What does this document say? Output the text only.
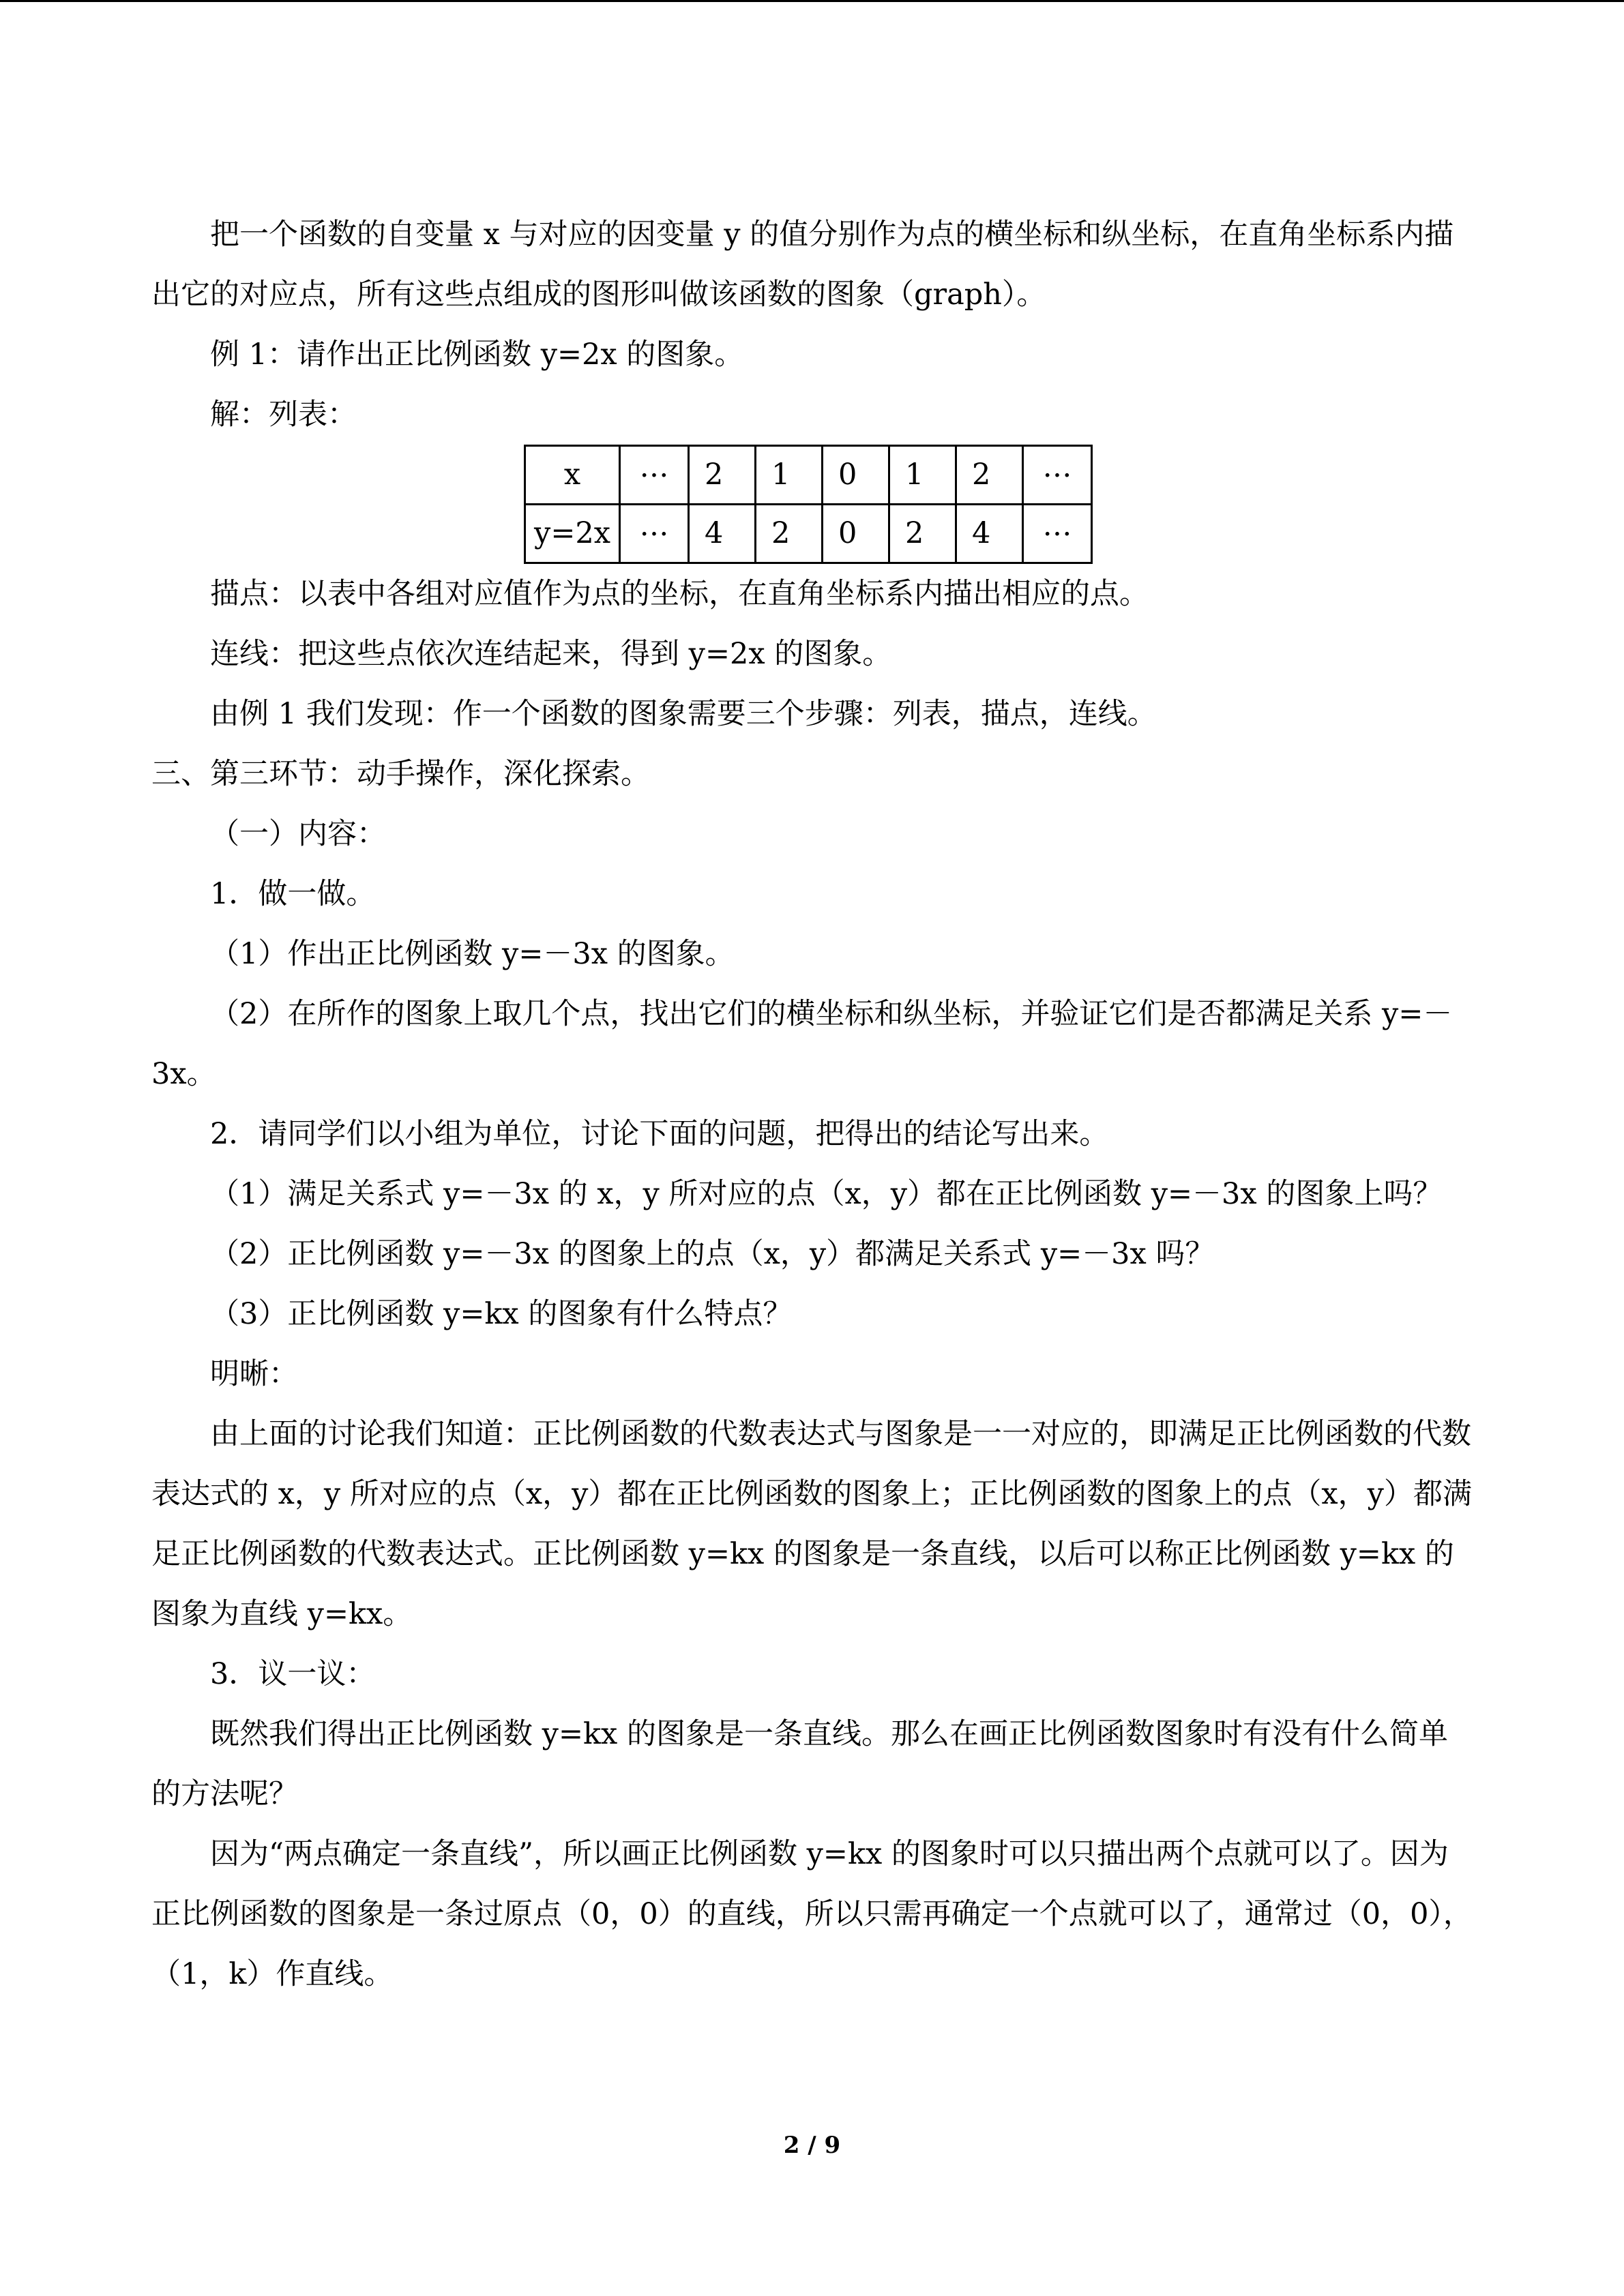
把一个函数的自变量 x 与对应的因变量 y 的值分别作为点的横坐标和纵坐标，在直角坐标系内描出它的对应点，所有这些点组成的图形叫做该函数的图象（graph）。

例 1：请作出正比例函数 y=2x 的图象。

解：列表：

x	…	2	1	0	1	2	…
y=2x	…	4	2	0	2	4	…

描点：以表中各组对应值作为点的坐标，在直角坐标系内描出相应的点。

连线：把这些点依次连结起来，得到 y=2x 的图象。

由例 1 我们发现：作一个函数的图象需要三个步骤：列表，描点，连线。

三、第三环节：动手操作，深化探索。

（一）内容：

1．做一做。

（1）作出正比例函数 y=－3x 的图象。

（2）在所作的图象上取几个点，找出它们的横坐标和纵坐标，并验证它们是否都满足关系 y=－3x。

2．请同学们以小组为单位，讨论下面的问题，把得出的结论写出来。

（1）满足关系式 y=－3x 的 x，y 所对应的点（x，y）都在正比例函数 y=－3x 的图象上吗？

（2）正比例函数 y=－3x 的图象上的点（x，y）都满足关系式 y=－3x 吗？

（3）正比例函数 y=kx 的图象有什么特点？

明晰：

由上面的讨论我们知道：正比例函数的代数表达式与图象是一一对应的，即满足正比例函数的代数表达式的 x，y 所对应的点（x，y）都在正比例函数的图象上；正比例函数的图象上的点（x，y）都满足正比例函数的代数表达式。正比例函数 y=kx 的图象是一条直线，以后可以称正比例函数 y=kx 的图象为直线 y=kx。

3．议一议：

既然我们得出正比例函数 y=kx 的图象是一条直线。那么在画正比例函数图象时有没有什么简单的方法呢？

因为“两点确定一条直线”，所以画正比例函数 y=kx 的图象时可以只描出两个点就可以了。因为正比例函数的图象是一条过原点（0，0）的直线，所以只需再确定一个点就可以了，通常过（0，0），（1，k）作直线。

2 / 9
